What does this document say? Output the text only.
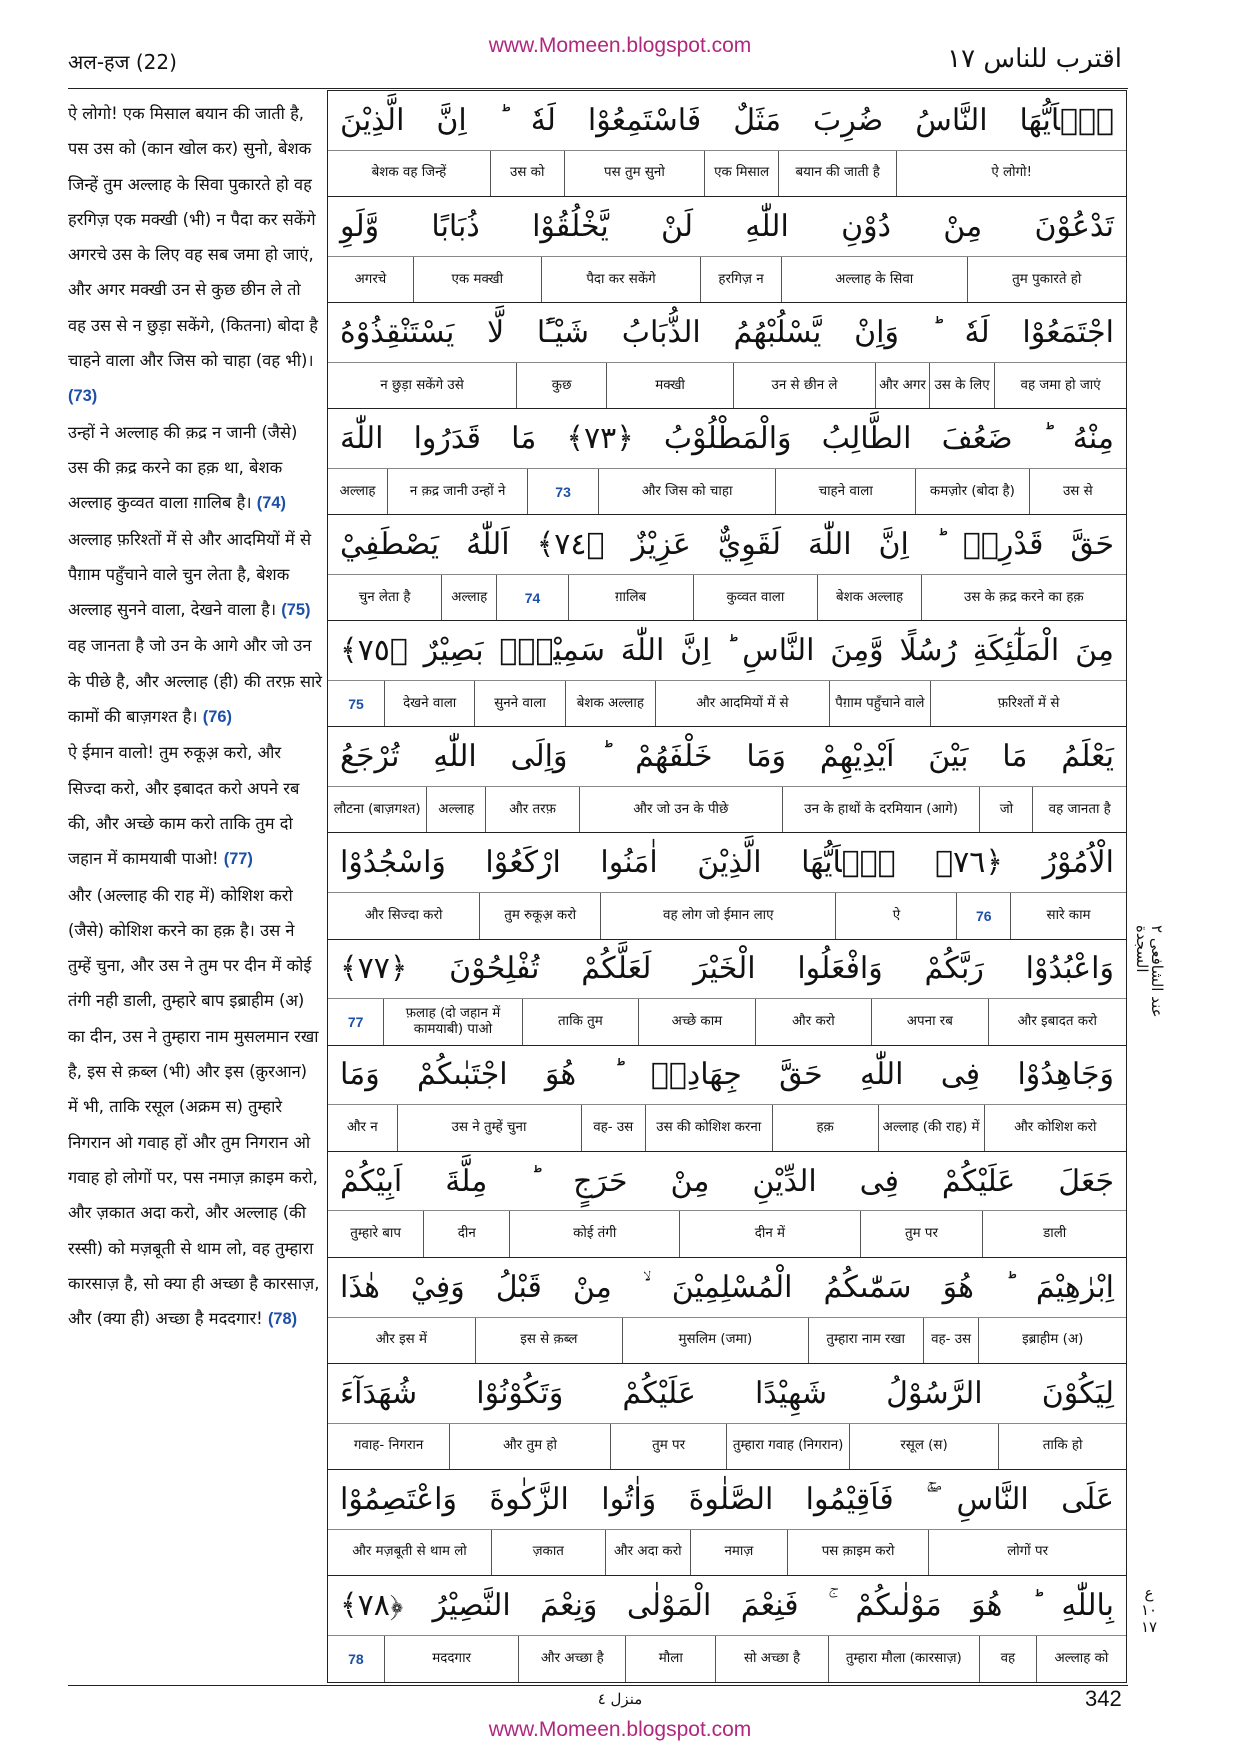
अल-हज (22)
www.Momeen.blogspot.com	اقترب للناس ١٧
ऐ लोगो! एक मिसाल बयान की जाती है, पस उस को (कान खोल कर) सुनो, बेशक जिन्हें तुम अल्लाह के सिवा पुकारते हो वह हरगिज़ एक मक्खी (भी) न पैदा कर सकेंगे अगरचे उस के लिए वह सब जमा हो जाएं, और अगर मक्खी उन से कुछ छीन ले तो वह उस से न छुड़ा सकेंगे, (कितना) बोदा है चाहने वाला और जिस को चाहा (वह भी)। (73)
उन्हों ने अल्लाह की क़द्र न जानी (जैसे) उस की क़द्र करने का हक़ था, बेशक अल्लाह कुव्वत वाला ग़ालिब है। (74)
अल्लाह फ़रिश्तों में से और आदमियों में से पैग़ाम पहुँचाने वाले चुन लेता है, बेशक अल्लाह सुनने वाला, देखने वाला है। (75)
वह जानता है जो उन के आगे और जो उन के पीछे है, और अल्लाह (ही) की तरफ़ सारे कामों की बाज़गश्त है। (76)
ऐ ईमान वालो! तुम रुकूअ़ करो, और सिज्दा करो, और इबादत करो अपने रब की, और अच्छे काम करो ताकि तुम दो जहान में कामयाबी पाओ! (77)
और (अल्लाह की राह में) कोशिश करो (जैसे) कोशिश करने का हक़ है। उस ने तुम्हें चुना, और उस ने तुम पर दीन में कोई तंगी नही डाली, तुम्हारे बाप इब्राहीम (अ) का दीन, उस ने तुम्हारा नाम मुसलमान रखा है, इस से क़ब्ल (भी) और इस (क़ुरआन) में भी, ताकि रसूल (अक्रम स) तुम्हारे निगरान ओ गवाह हों और तुम निगरान ओ गवाह हो लोगों पर, पस नमाज़ क़ाइम करो, और ज़कात अदा करो, और अल्लाह (की रस्सी) को मज़बूती से थाम लो, वह तुम्हारा कारसाज़ है, सो क्या ही अच्छा है कारसाज़, और (क्या ही) अच्छा है मददगार! (78)
يٰۤاَيُّهَا النَّاسُ ضُرِبَ مَثَلٌ فَاسْتَمِعُوْا لَهٗ ؕ اِنَّ الَّذِيْنَ
ऐ लोगो!
बयान की जाती है
एक मिसाल
पस तुम सुनो
उस को
बेशक वह जिन्हें
تَدْعُوْنَ مِنْ دُوْنِ اللّٰهِ لَنْ يَّخْلُقُوْا ذُبَابًا وَّلَوِ
तुम पुकारते हो
अल्लाह के सिवा
हरगिज़ न
पैदा कर सकेंगे
एक मक्खी
अगरचे
اجْتَمَعُوْا لَهٗ ؕ وَاِنْ يَّسْلُبْهُمُ الذُّبَابُ شَيْـًٔا لَّا يَسْتَنْقِذُوْهُ
वह जमा हो जाएं
उस के लिए
और अगर
उन से छीन ले
मक्खी
कुछ
न छुड़ा सकेंगे उसे
مِنْهُ ؕ ضَعُفَ الطَّالِبُ وَالْمَطْلُوْبُ ﴿٧٣﴾ مَا قَدَرُوا اللّٰهَ
उस से
कमज़ोर (बोदा है)
चाहने वाला
और जिस को चाहा
73
न क़द्र जानी उन्हों ने
अल्लाह
حَقَّ قَدْرِهٖ ؕ اِنَّ اللّٰهَ لَقَوِيٌّ عَزِيْزٌ ﴿٧٤﴾ اَللّٰهُ يَصْطَفِيْ
उस के क़द्र करने का हक़
बेशक अल्लाह
कुव्वत वाला
ग़ालिब
74
अल्लाह
चुन लेता है
مِنَ الْمَلٰٓئِكَةِ رُسُلًا وَّمِنَ النَّاسِ ؕ اِنَّ اللّٰهَ سَمِيْعٌۢ بَصِيْرٌ ﴿٧٥﴾
फ़रिश्तों में से
पैग़ाम पहुँचाने वाले
और आदमियों में से
बेशक अल्लाह
सुनने वाला
देखने वाला
75
يَعْلَمُ مَا بَيْنَ اَيْدِيْهِمْ وَمَا خَلْفَهُمْ ؕ وَاِلَى اللّٰهِ تُرْجَعُ
वह जानता है
जो
उन के हाथों के दरमियान (आगे)
और जो उन के पीछे
और तरफ़
अल्लाह
लौटना (बाज़गश्त)
الْاُمُوْرُ ﴿٧٦﴾ يٰۤاَيُّهَا الَّذِيْنَ اٰمَنُوا ارْكَعُوْا وَاسْجُدُوْا
सारे काम
76
ऐ
वह लोग जो ईमान लाए
तुम रुकूअ़ करो
और सिज्दा करो
وَاعْبُدُوْا رَبَّكُمْ وَافْعَلُوا الْخَيْرَ لَعَلَّكُمْ تُفْلِحُوْنَ ﴿٧٧﴾
और इबादत करो
अपना रब
और करो
अच्छे काम
ताकि तुम
फ़लाह (दो जहान में कामयाबी) पाओ
77
وَجَاهِدُوْا فِى اللّٰهِ حَقَّ جِهَادِهٖ ؕ هُوَ اجْتَبٰىكُمْ وَمَا
और कोशिश करो
अल्लाह (की राह) में
हक़
उस की कोशिश करना
वह- उस
उस ने तुम्हें चुना
और न
جَعَلَ عَلَيْكُمْ فِى الدِّيْنِ مِنْ حَرَجٍ ؕ مِلَّةَ اَبِيْكُمْ
डाली
तुम पर
दीन में
कोई तंगी
दीन
तुम्हारे बाप
اِبْرٰهِيْمَ ؕ هُوَ سَمّٰىكُمُ الْمُسْلِمِيْنَ ۙ مِنْ قَبْلُ وَفِيْ هٰذَا
इब्राहीम (अ)
वह- उस
तुम्हारा नाम रखा
मुसलिम (जमा)
इस से क़ब्ल
और इस में
لِيَكُوْنَ الرَّسُوْلُ شَهِيْدًا عَلَيْكُمْ وَتَكُوْنُوْا شُهَدَآءَ
ताकि हो
रसूल (स)
तुम्हारा गवाह (निगरान)
तुम पर
और तुम हो
गवाह- निगरान
عَلَى النَّاسِ ۖۚ فَاَقِيْمُوا الصَّلٰوةَ وَاٰتُوا الزَّكٰوةَ وَاعْتَصِمُوْا
लोगों पर
पस क़ाइम करो
नमाज़
और अदा करो
ज़कात
और मज़बूती से थाम लो
بِاللّٰهِ ؕ هُوَ مَوْلٰىكُمْ ۚ فَنِعْمَ الْمَوْلٰى وَنِعْمَ النَّصِيْرُ ﴿٧٨﴾
अल्लाह को
वह
तुम्हारा मौला (कारसाज़)
सो अच्छा है
मौला
और अच्छा है
मददगार
78
عند الشافعى ٢ السجدة
ع ١٠ ١٧
منزل ٤	342
www.Momeen.blogspot.com
